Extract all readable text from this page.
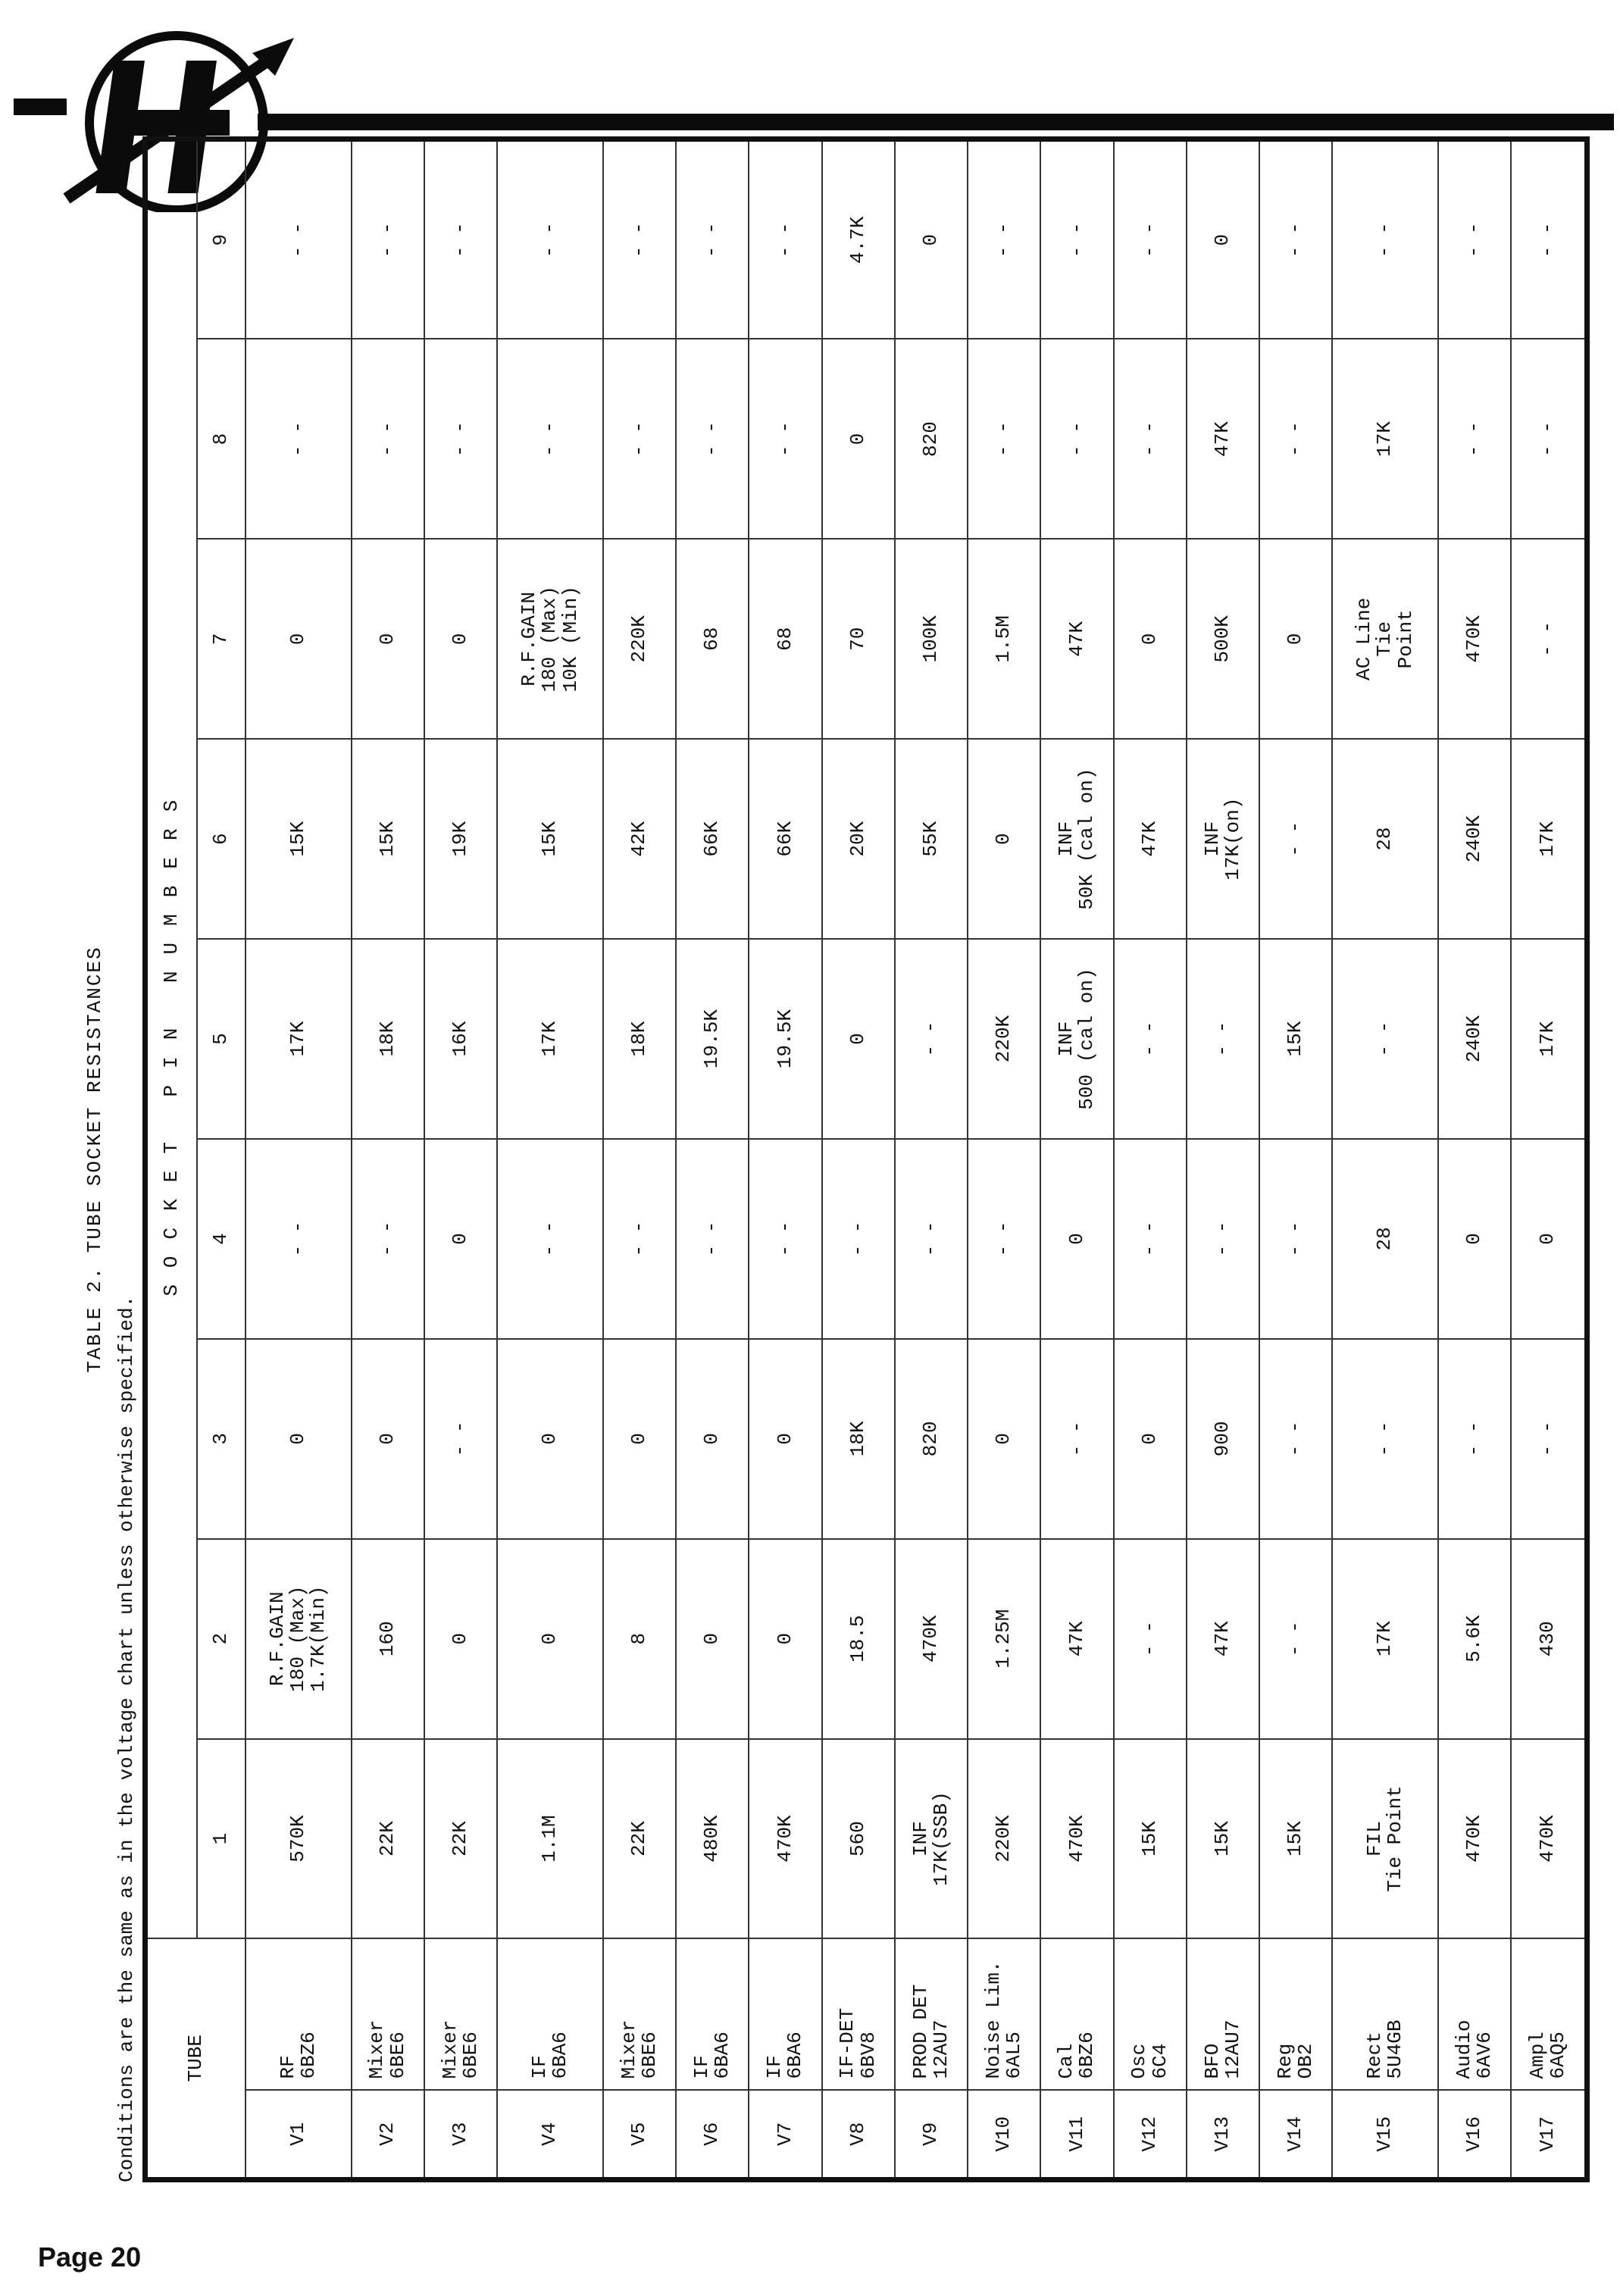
TABLE 2. TUBE SOCKET RESISTANCES
Conditions are the same as in the voltage chart unless otherwise specified. TUBE		SOCKET PIN NUMBERS								
		1	2	3	4	5	6	7	8	9
V1	RF
6BZ6	570K	R.F.GAIN
180 (Max)
1.7K(Min)	0	- -	17K	15K	0	- -	- -
V2	Mixer
6BE6	22K	160	0	- -	18K	15K	0	- -	- -
V3	Mixer
6BE6	22K	0	- -	0	16K	19K	0	- -	- -
V4	IF
6BA6	1.1M	0	0	- -	17K	15K	R.F.GAIN
180 (Max)
10K (Min)	- -	- -
V5	Mixer
6BE6	22K	8	0	- -	18K	42K	220K	- -	- -
V6	IF
6BA6	480K	0	0	- -	19.5K	66K	68	- -	- -
V7	IF
6BA6	470K	0	0	- -	19.5K	66K	68	- -	- -
V8	IF-DET
6BV8	560	18.5	18K	- -	0	20K	70	0	4.7K
V9	PROD DET
12AU7	INF
17K(SSB)	470K	820	- -	- -	55K	100K	820	0
V10	Noise Lim.
6AL5	220K	1.25M	0	- -	220K	0	1.5M	- -	- -
V11	Cal
6BZ6	470K	47K	- -	0	INF
500 (cal on)	INF
50K (cal on)	47K	- -	- -
V12	Osc
6C4	15K	- -	0	- -	- -	47K	0	- -	- -
V13	BFO
12AU7	15K	47K	900	- -	- -	INF
17K(on)	500K	47K	0
V14	Reg
OB2	15K	- -	- -	- -	15K	- -	0	- -	- -
V15	Rect
5U4GB	FIL
Tie Point	17K	- -	28	- -	28	AC Line
Tie
Point	17K	- -
V16	Audio
6AV6	470K	5.6K	- -	0	240K	240K	470K	- -	- -
V17	Ampl
6AQ5	470K	430	- -	0	17K	17K	- -	- -	- -
Page 20
